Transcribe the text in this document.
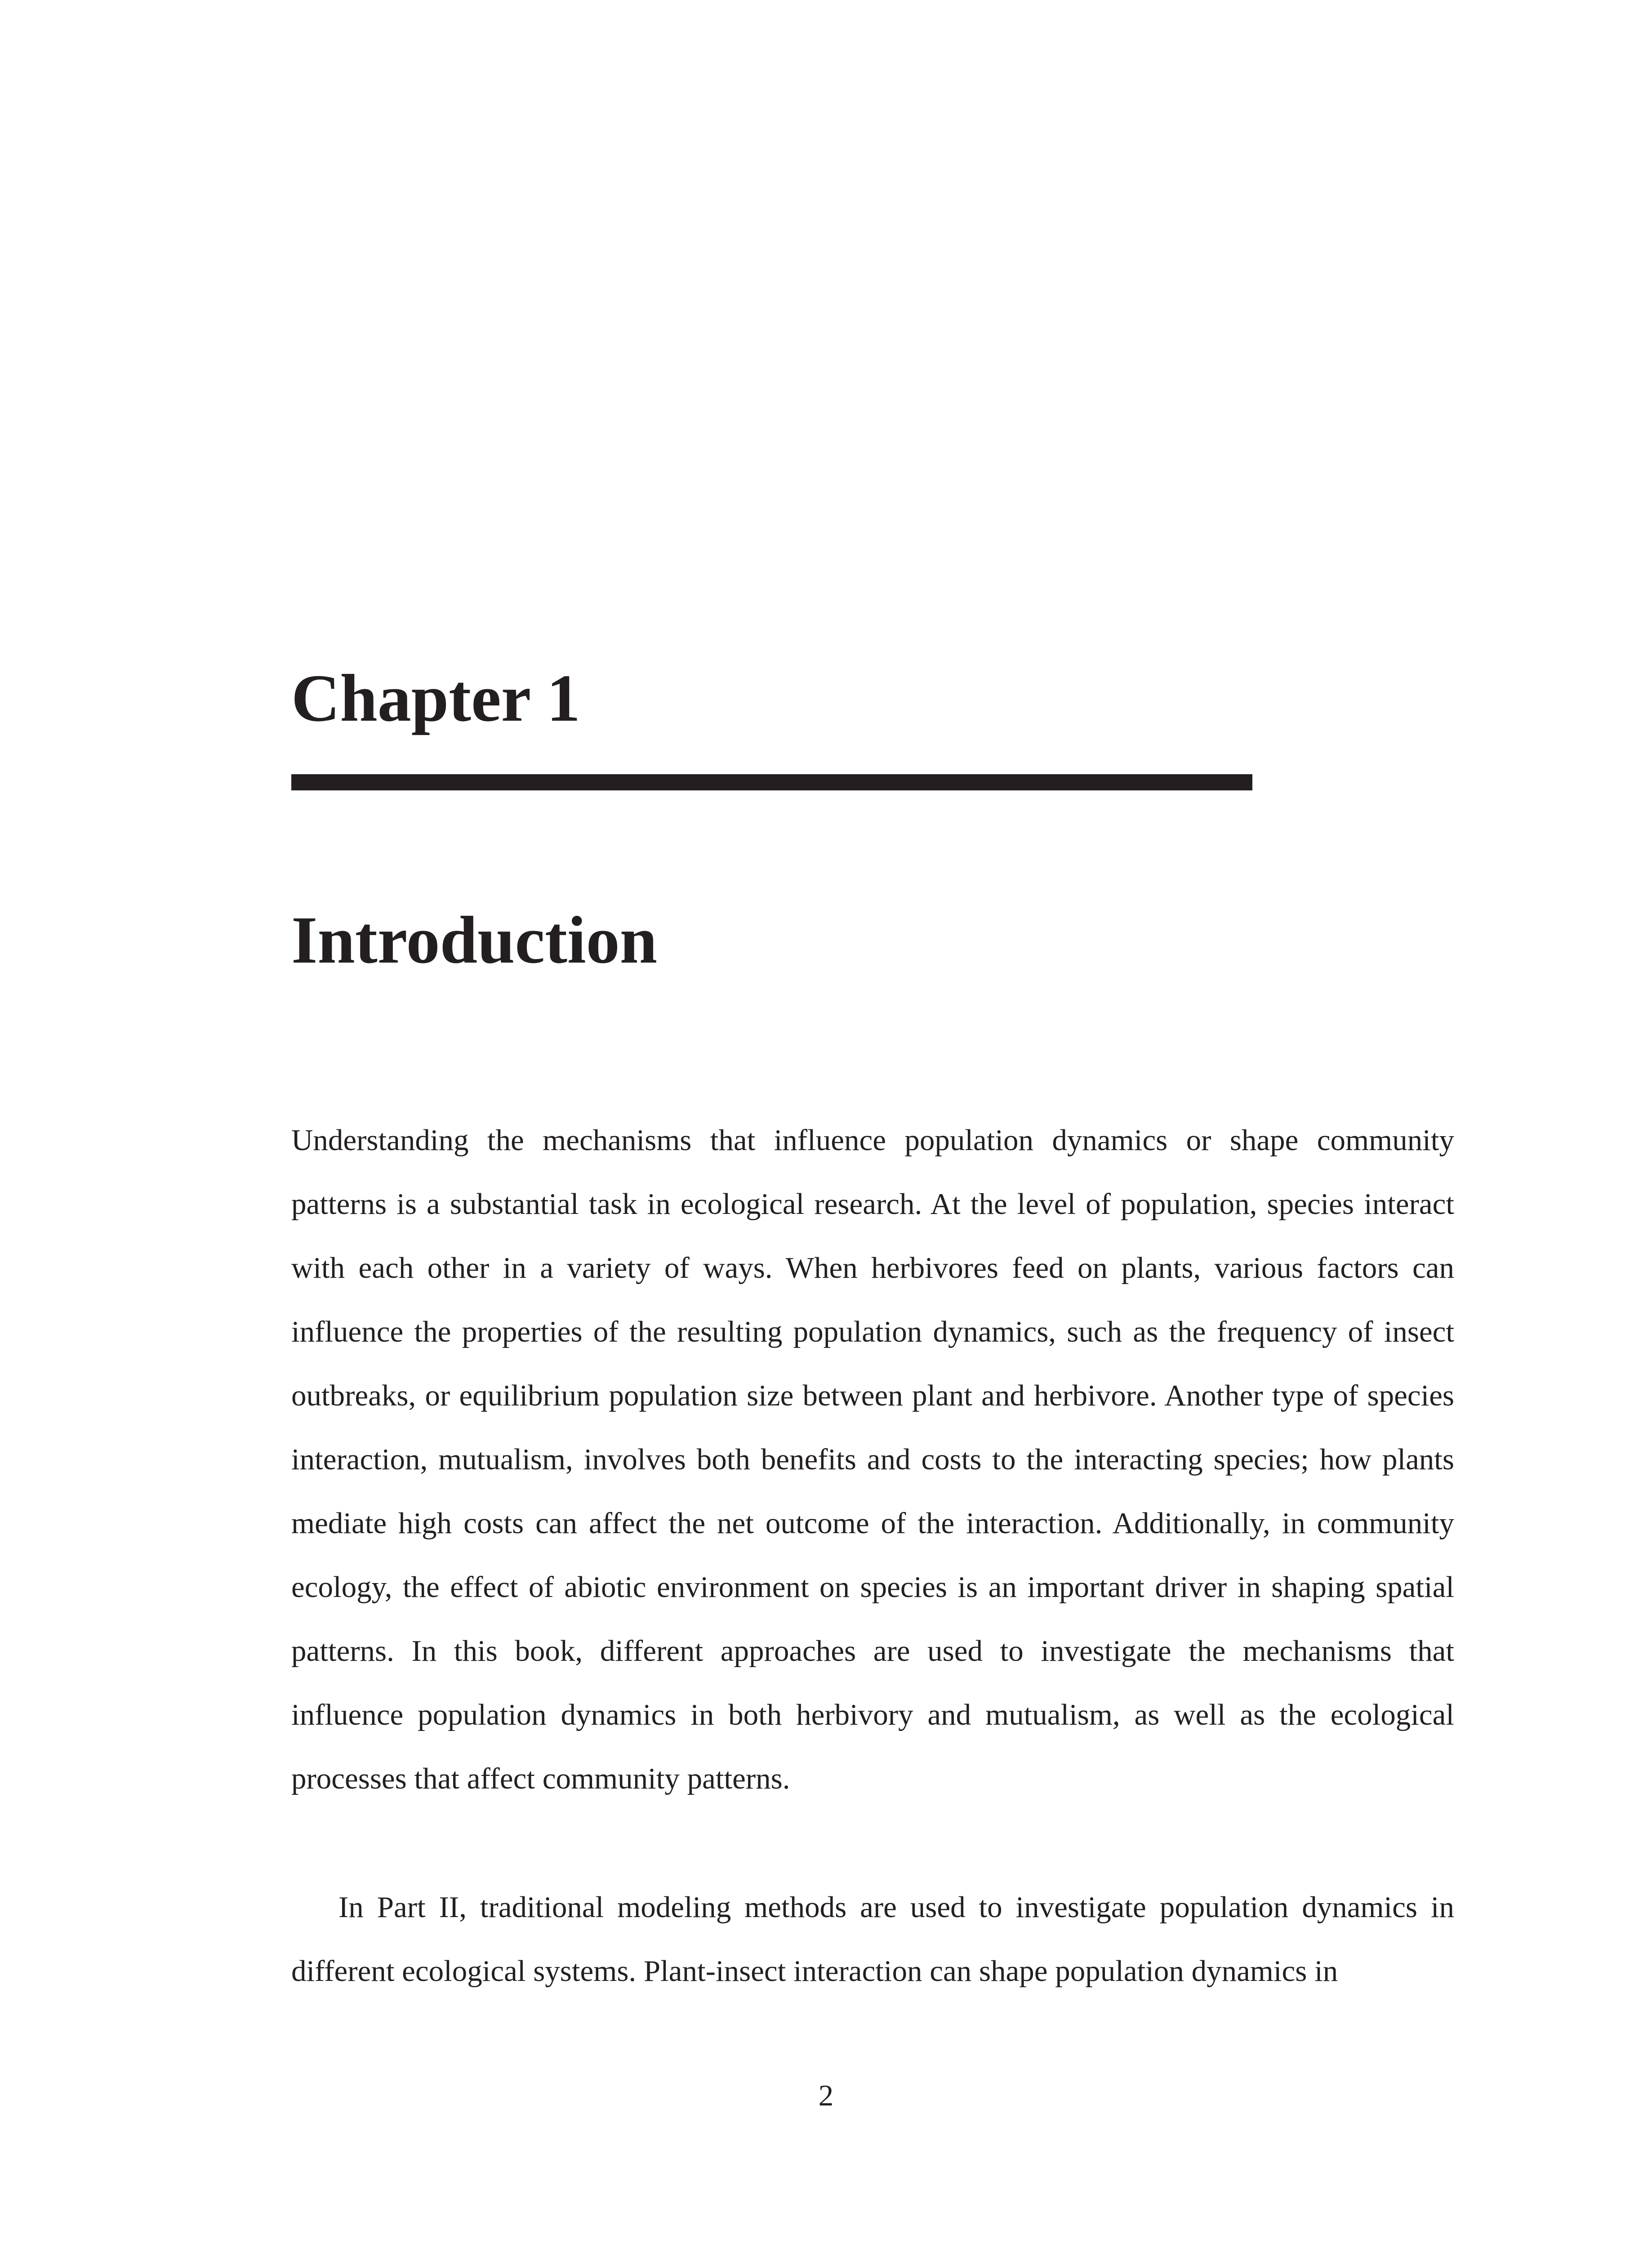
Chapter 1
Introduction

Understanding the mechanisms that influence population dynamics or shape community patterns is a substantial task in ecological research. At the level of population, species interact with each other in a variety of ways. When herbivores feed on plants, various factors can influence the properties of the resulting population dynamics, such as the frequency of insect outbreaks, or equilibrium population size between plant and herbivore. Another type of species interaction, mutualism, involves both benefits and costs to the interacting species; how plants mediate high costs can affect the net outcome of the interaction. Additionally, in community ecology, the effect of abiotic environment on species is an important driver in shaping spatial patterns. In this book, different approaches are used to investigate the mechanisms that influence population dynamics in both herbivory and mutualism, as well as the ecological processes that affect community patterns.

In Part II, traditional modeling methods are used to investigate population dynamics in different ecological systems. Plant-insect interaction can shape population dynamics in

2
